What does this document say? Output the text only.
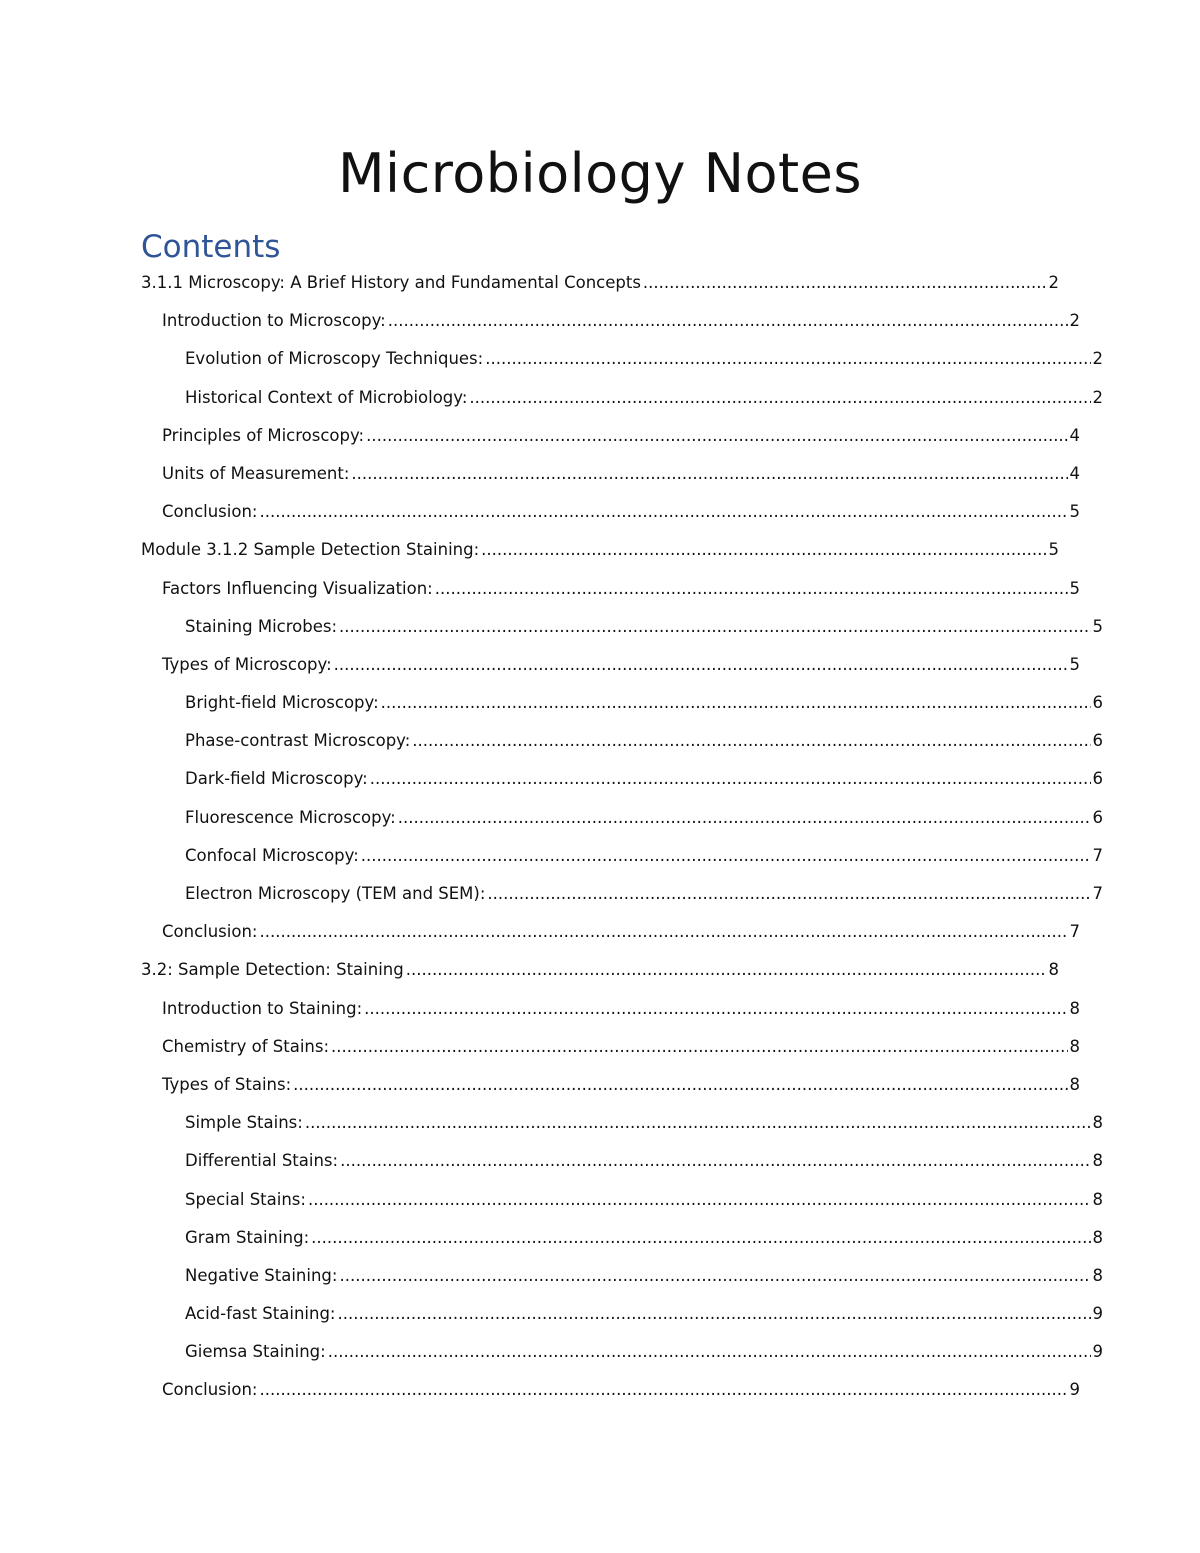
Microbiology Notes
Contents
3.1.1 Microscopy: A Brief History and Fundamental Concepts .....	2
Introduction to Microscopy: .....	2
Evolution of Microscopy Techniques: .....	2
Historical Context of Microbiology: .....	2
Principles of Microscopy: .....	4
Units of Measurement: .....	4
Conclusion: .....	5
Module 3.1.2 Sample Detection Staining: .....	5
Factors Influencing Visualization: .....	5
Staining Microbes: .....	5
Types of Microscopy: .....	5
Bright-field Microscopy: .....	6
Phase-contrast Microscopy: .....	6
Dark-field Microscopy: .....	6
Fluorescence Microscopy: .....	6
Confocal Microscopy: .....	7
Electron Microscopy (TEM and SEM): .....	7
Conclusion: .....	7
3.2: Sample Detection: Staining .....	8
Introduction to Staining: .....	8
Chemistry of Stains: .....	8
Types of Stains: .....	8
Simple Stains: .....	8
Differential Stains: .....	8
Special Stains: .....	8
Gram Staining: .....	8
Negative Staining: .....	8
Acid-fast Staining: .....	9
Giemsa Staining: .....	9
Conclusion: .....	9
